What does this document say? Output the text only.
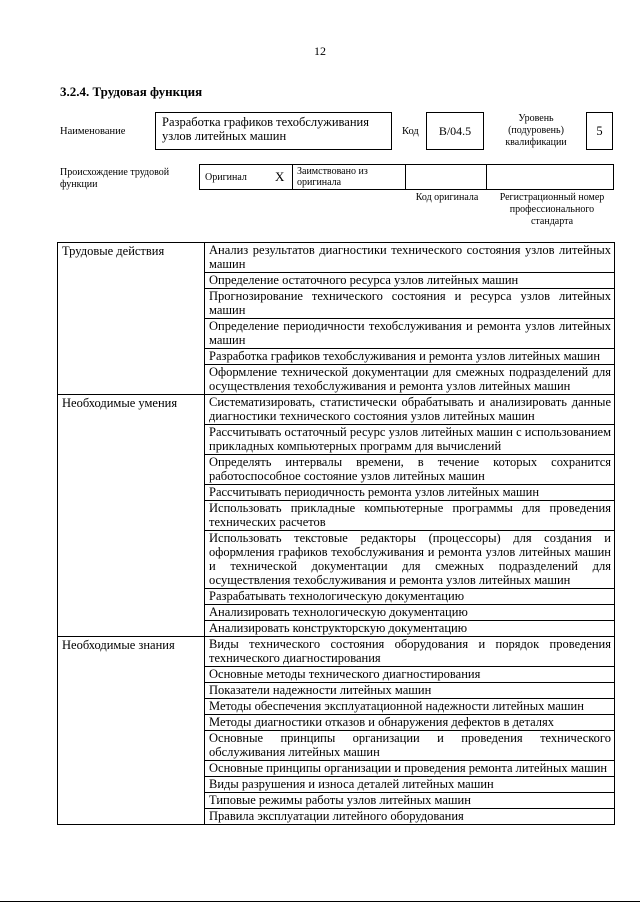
12
3.2.4. Трудовая функция
Наименование
Разработка графиков техобслуживания узлов литейных машин	Код	B/04.5
Уровень (подуровень) квалификации
5
Происхождение трудовой функции
Оригинал X Заимствовано из оригинала
Код оригинала	Регистрационный номер профессионального стандарта
Трудовые действия	Анализ результатов диагностики технического состояния узлов литейных машин
	Определение остаточного ресурса узлов литейных машин
	Прогнозирование технического состояния и ресурса узлов литейных машин
	Определение периодичности техобслуживания и ремонта узлов литейных машин
	Разработка графиков техобслуживания и ремонта узлов литейных машин
	Оформление технической документации для смежных подразделений для осуществления техобслуживания и ремонта узлов литейных машин
Необходимые умения	Систематизировать, статистически обрабатывать и анализировать данные диагностики технического состояния узлов литейных машин
	Рассчитывать остаточный ресурс узлов литейных машин с использованием прикладных компьютерных программ для вычислений
	Определять интервалы времени, в течение которых сохранится работоспособное состояние узлов литейных машин
	Рассчитывать периодичность ремонта узлов литейных машин
	Использовать прикладные компьютерные программы для проведения технических расчетов
	Использовать текстовые редакторы (процессоры) для создания и оформления графиков техобслуживания и ремонта узлов литейных машин и технической документации для смежных подразделений для осуществления техобслуживания и ремонта узлов литейных машин
	Разрабатывать технологическую документацию
	Анализировать технологическую документацию
	Анализировать конструкторскую документацию
Необходимые знания	Виды технического состояния оборудования и порядок проведения технического диагностирования
	Основные методы технического диагностирования
	Показатели надежности литейных машин
	Методы обеспечения эксплуатационной надежности литейных машин
	Методы диагностики отказов и обнаружения дефектов в деталях
	Основные принципы организации и проведения технического обслуживания литейных машин
	Основные принципы организации и проведения ремонта литейных машин
	Виды разрушения и износа деталей литейных машин
	Типовые режимы работы узлов литейных машин
	Правила эксплуатации литейного оборудования
